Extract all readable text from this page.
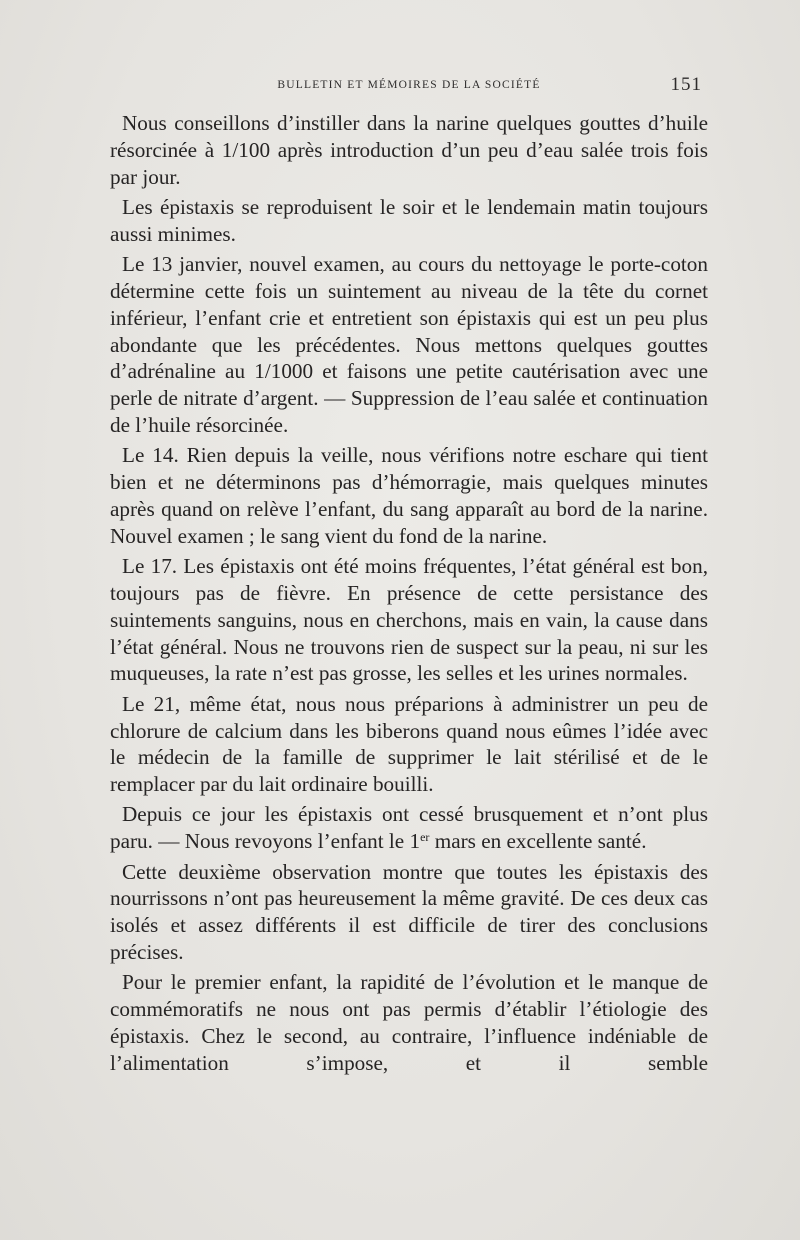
BULLETIN ET MÉMOIRES DE LA SOCIÉTÉ	151

Nous conseillons d’instiller dans la narine quelques gouttes d’huile résorcinée à 1/100 après introduction d’un peu d’eau salée trois fois par jour.

Les épistaxis se reproduisent le soir et le lendemain matin toujours aussi minimes.

Le 13 janvier, nouvel examen, au cours du nettoyage le porte-coton détermine cette fois un suintement au niveau de la tête du cornet inférieur, l’enfant crie et entretient son épistaxis qui est un peu plus abondante que les précédentes. Nous mettons quelques gouttes d’adrénaline au 1/1000 et faisons une petite cautérisation avec une perle de nitrate d’argent. — Suppression de l’eau salée et continuation de l’huile résorcinée.

Le 14. Rien depuis la veille, nous vérifions notre eschare qui tient bien et ne déterminons pas d’hémorragie, mais quelques minutes après quand on relève l’enfant, du sang apparaît au bord de la narine. Nouvel examen ; le sang vient du fond de la narine.

Le 17. Les épistaxis ont été moins fréquentes, l’état général est bon, toujours pas de fièvre. En présence de cette persistance des suintements sanguins, nous en cherchons, mais en vain, la cause dans l’état général. Nous ne trouvons rien de suspect sur la peau, ni sur les muqueuses, la rate n’est pas grosse, les selles et les urines normales.

Le 21, même état, nous nous préparions à administrer un peu de chlorure de calcium dans les biberons quand nous eûmes l’idée avec le médecin de la famille de supprimer le lait stérilisé et de le remplacer par du lait ordinaire bouilli.

Depuis ce jour les épistaxis ont cessé brusquement et n’ont plus paru. — Nous revoyons l’enfant le 1er mars en excellente santé.

Cette deuxième observation montre que toutes les épistaxis des nourrissons n’ont pas heureusement la même gravité. De ces deux cas isolés et assez différents il est difficile de tirer des conclusions précises.

Pour le premier enfant, la rapidité de l’évolution et le manque de commémoratifs ne nous ont pas permis d’établir l’étiologie des épistaxis. Chez le second, au contraire, l’influence indéniable de l’alimentation s’impose, et il semble
